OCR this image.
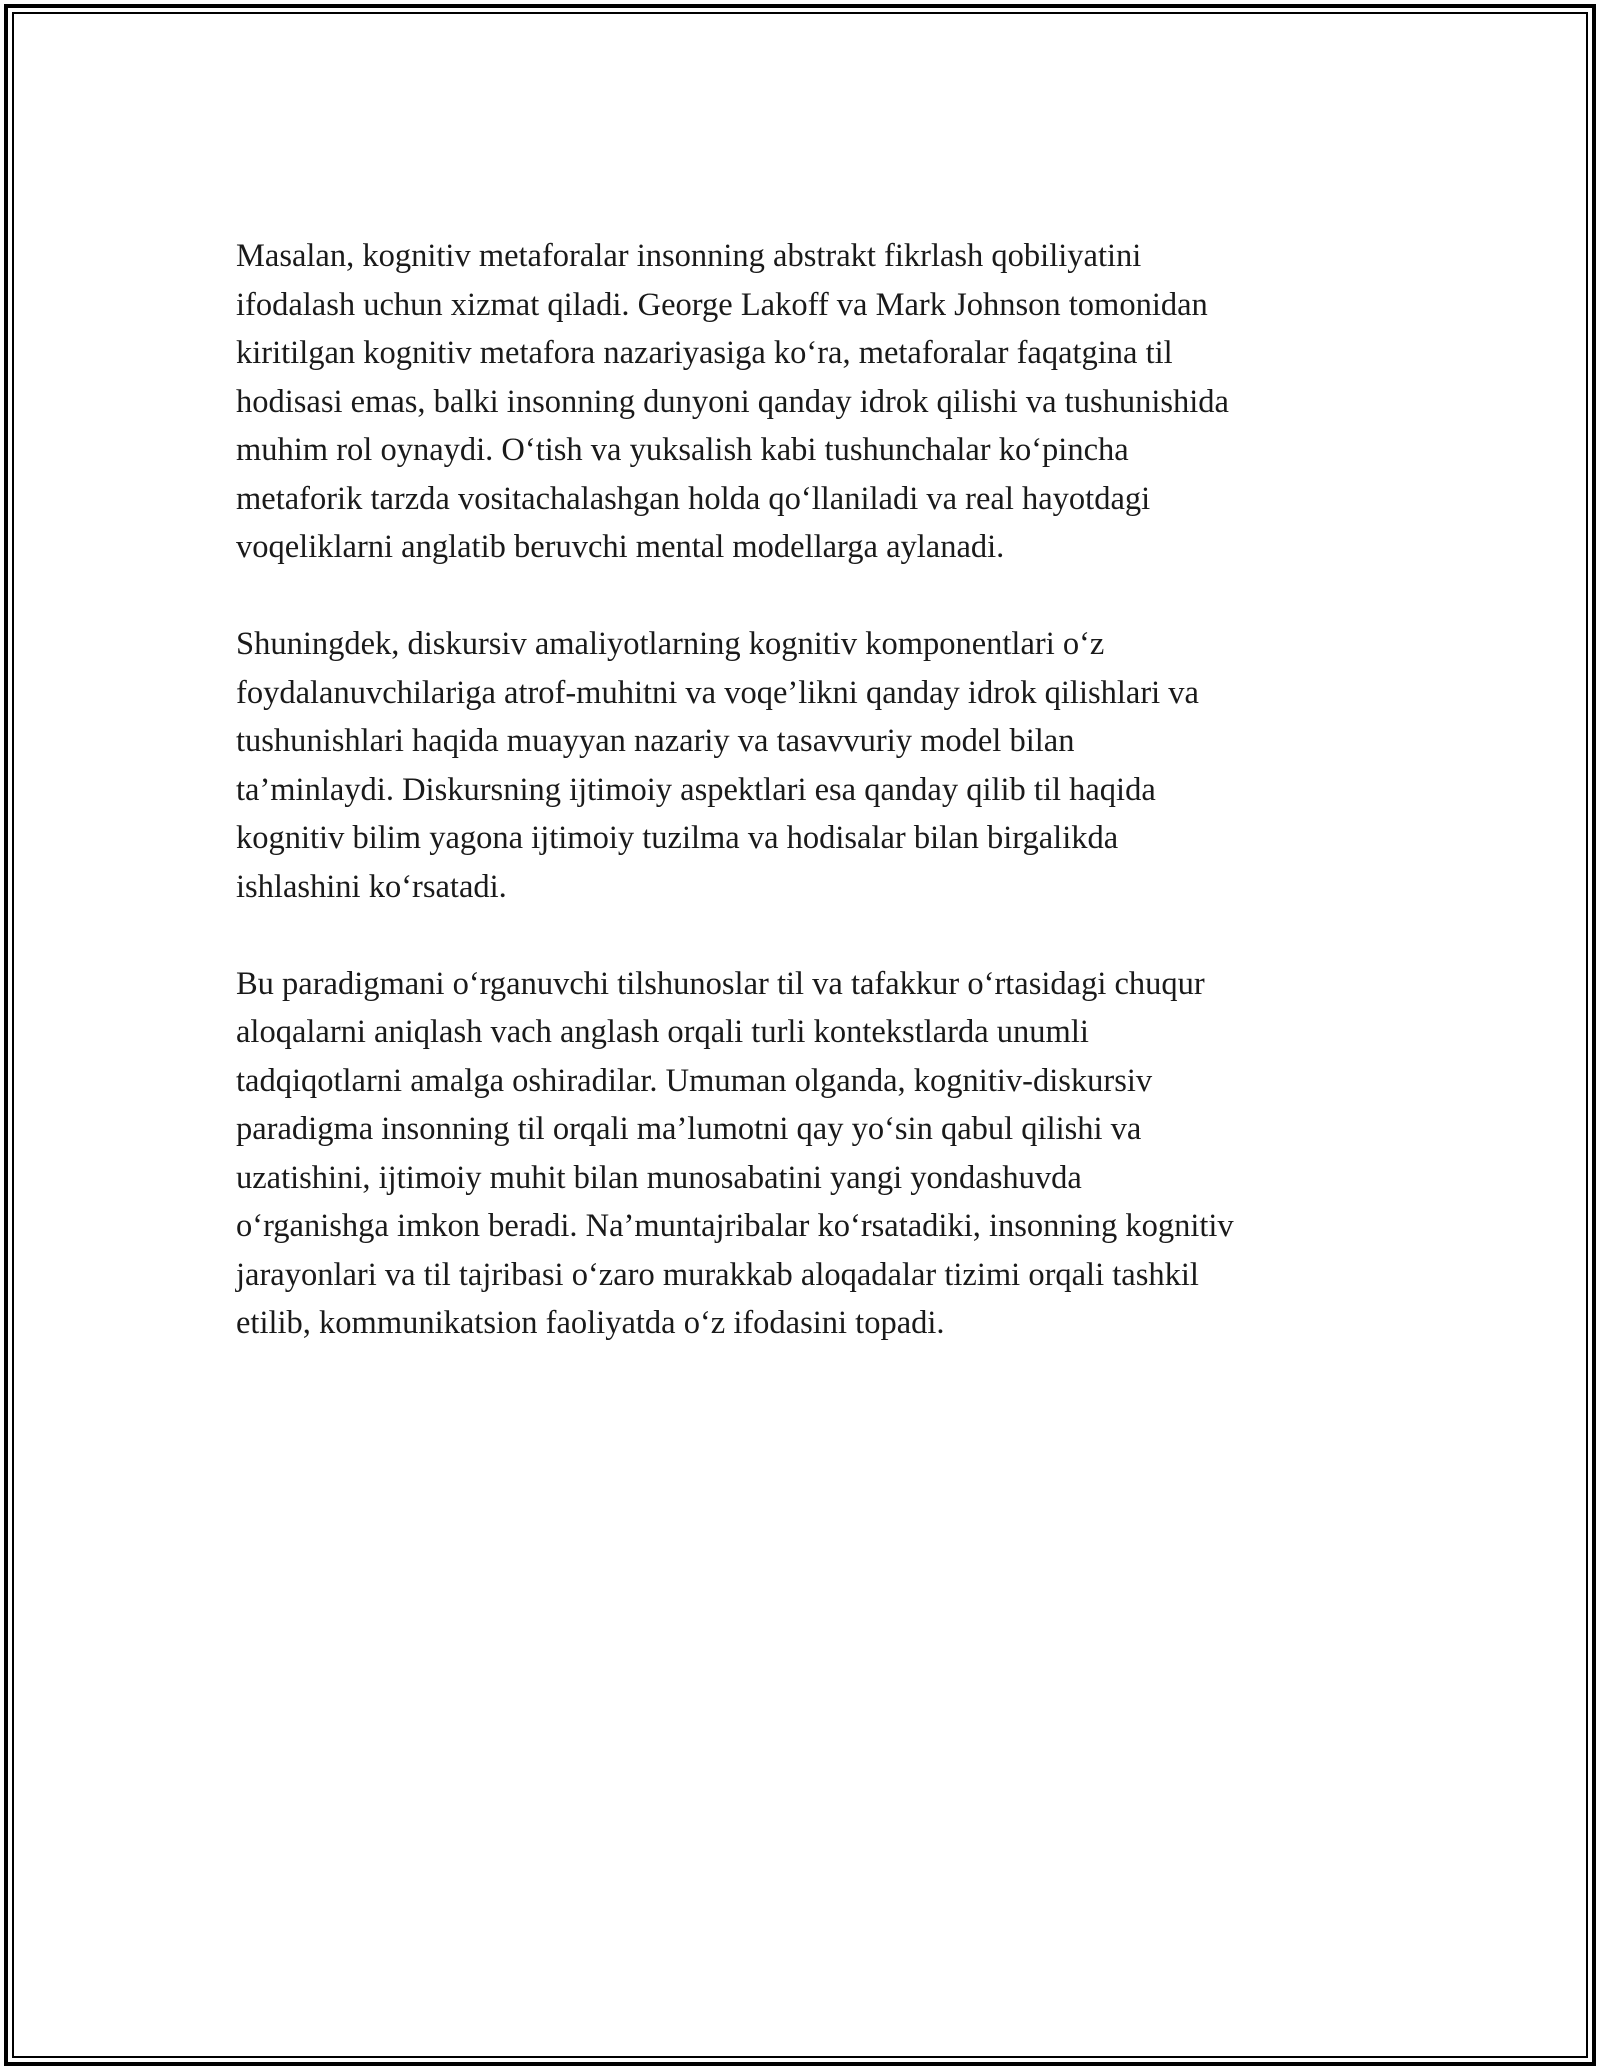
Masalan, kognitiv metaforalar insonning abstrakt fikrlash qobiliyatini
ifodalash uchun xizmat qiladi. George Lakoff va Mark Johnson tomonidan
kiritilgan kognitiv metafora nazariyasiga ko‘ra, metaforalar faqatgina til
hodisasi emas, balki insonning dunyoni qanday idrok qilishi va tushunishida
muhim rol oynaydi. O‘tish va yuksalish kabi tushunchalar ko‘pincha
metaforik tarzda vositachalashgan holda qo‘llaniladi va real hayotdagi
voqeliklarni anglatib beruvchi mental modellarga aylanadi.

Shuningdek, diskursiv amaliyotlarning kognitiv komponentlari o‘z
foydalanuvchilariga atrof-muhitni va voqe’likni qanday idrok qilishlari va
tushunishlari haqida muayyan nazariy va tasavvuriy model bilan
ta’minlaydi. Diskursning ijtimoiy aspektlari esa qanday qilib til haqida
kognitiv bilim yagona ijtimoiy tuzilma va hodisalar bilan birgalikda
ishlashini ko‘rsatadi.

Bu paradigmani o‘rganuvchi tilshunoslar til va tafakkur o‘rtasidagi chuqur
aloqalarni aniqlash vach anglash orqali turli kontekstlarda unumli
tadqiqotlarni amalga oshiradilar. Umuman olganda, kognitiv-diskursiv
paradigma insonning til orqali ma’lumotni qay yo‘sin qabul qilishi va
uzatishini, ijtimoiy muhit bilan munosabatini yangi yondashuvda
o‘rganishga imkon beradi. Na’muntajribalar ko‘rsatadiki, insonning kognitiv
jarayonlari va til tajribasi o‘zaro murakkab aloqadalar tizimi orqali tashkil
etilib, kommunikatsion faoliyatda o‘z ifodasini topadi.
